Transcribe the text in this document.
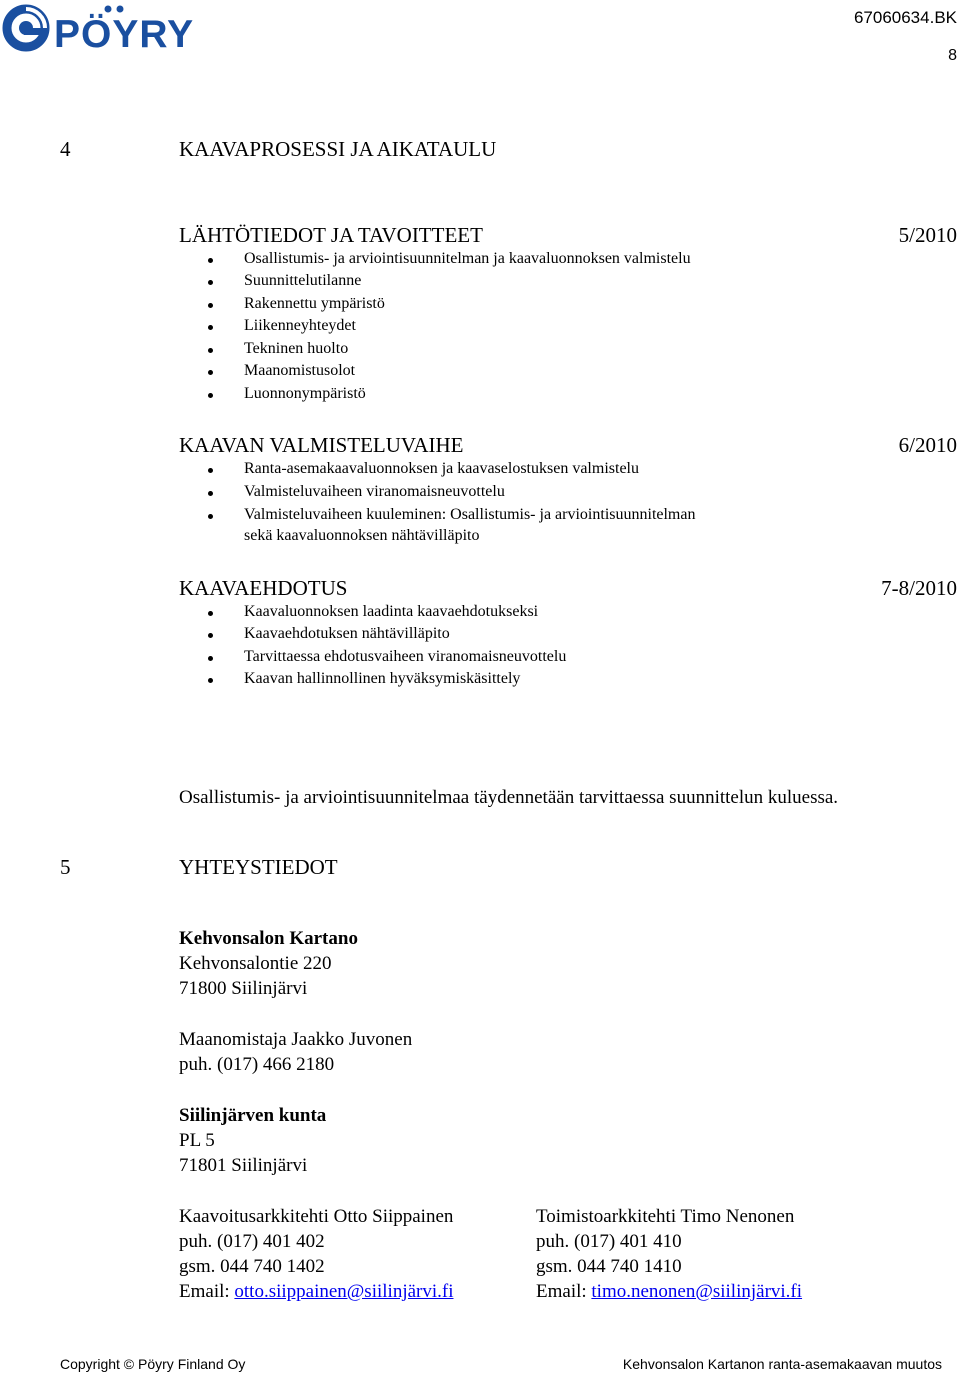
PÖYRY	67060634.BK
8
4	KAAVAPROSESSI JA AIKATAULU
LÄHTÖTIEDOT JA TAVOITTEET	5/2010
Osallistumis- ja arviointisuunnitelman ja kaavaluonnoksen valmistelu
Suunnittelutilanne
Rakennettu ympäristö
Liikenneyhteydet
Tekninen huolto
Maanomistusolot
Luonnonympäristö
KAAVAN VALMISTELUVAIHE	6/2010
Ranta-asemakaavaluonnoksen ja kaavaselostuksen valmistelu
Valmisteluvaiheen viranomaisneuvottelu
Valmisteluvaiheen kuuleminen: Osallistumis- ja arviointisuunnitelman
sekä kaavaluonnoksen nähtävilläpito
KAAVAEHDOTUS	7-8/2010
Kaavaluonnoksen laadinta kaavaehdotukseksi
Kaavaehdotuksen nähtävilläpito
Tarvittaessa ehdotusvaiheen viranomaisneuvottelu
Kaavan hallinnollinen hyväksymiskäsittely
Osallistumis- ja arviointisuunnitelmaa täydennetään tarvittaessa suunnittelun kuluessa.
5	YHTEYSTIEDOT
Kehvonsalon Kartano
Kehvonsalontie 220
71800 Siilinjärvi
Maanomistaja Jaakko Juvonen
puh. (017) 466 2180
Siilinjärven kunta
PL 5
71801 Siilinjärvi
Kaavoitusarkkitehti Otto Siippainen
puh. (017) 401 402
gsm. 044 740 1402
Email: otto.siippainen@siilinjärvi.fi
Toimistoarkkitehti Timo Nenonen
puh. (017) 401 410
gsm. 044 740 1410
Email: timo.nenonen@siilinjärvi.fi
Copyright © Pöyry Finland Oy	Kehvonsalon Kartanon ranta-asemakaavan muutos
